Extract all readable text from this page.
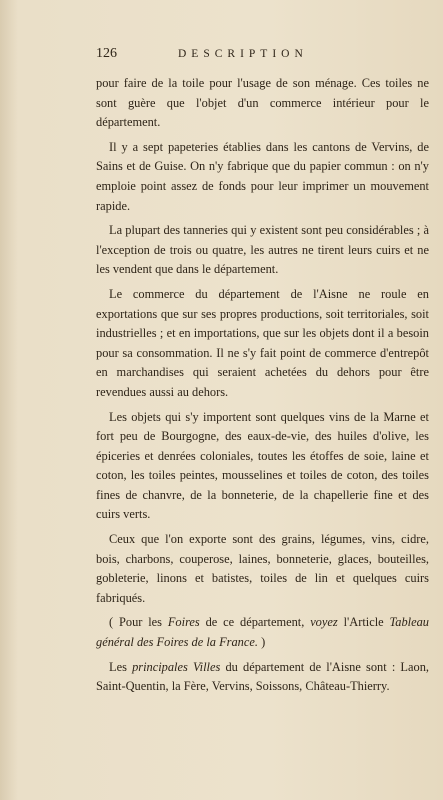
126	DESCRIPTION

pour faire de la toile pour l'usage de son ménage. Ces toiles ne sont guère que l'objet d'un commerce intérieur pour le département.

Il y a sept papeteries établies dans les cantons de Vervins, de Sains et de Guise. On n'y fabrique que du papier commun : on n'y emploie point assez de fonds pour leur imprimer un mouvement rapide.

La plupart des tanneries qui y existent sont peu considérables ; à l'exception de trois ou quatre, les autres ne tirent leurs cuirs et ne les vendent que dans le département.

Le commerce du département de l'Aisne ne roule en exportations que sur ses propres productions, soit territoriales, soit industrielles ; et en importations, que sur les objets dont il a besoin pour sa consommation. Il ne s'y fait point de commerce d'entrepôt en marchandises qui seraient achetées du dehors pour être revendues aussi au dehors.

Les objets qui s'y importent sont quelques vins de la Marne et fort peu de Bourgogne, des eaux-de-vie, des huiles d'olive, les épiceries et denrées coloniales, toutes les étoffes de soie, laine et coton, les toiles peintes, mousselines et toiles de coton, des toiles fines de chanvre, de la bonneterie, de la chapellerie fine et des cuirs verts.

Ceux que l'on exporte sont des grains, légumes, vins, cidre, bois, charbons, couperose, laines, bonneterie, glaces, bouteilles, gobleterie, linons et batistes, toiles de lin et quelques cuirs fabriqués.

( Pour les Foires de ce département, voyez l'Article Tableau général des Foires de la France. )

Les principales Villes du département de l'Aisne sont : Laon, Saint-Quentin, la Fère, Vervins, Soissons, Château-Thierry.
